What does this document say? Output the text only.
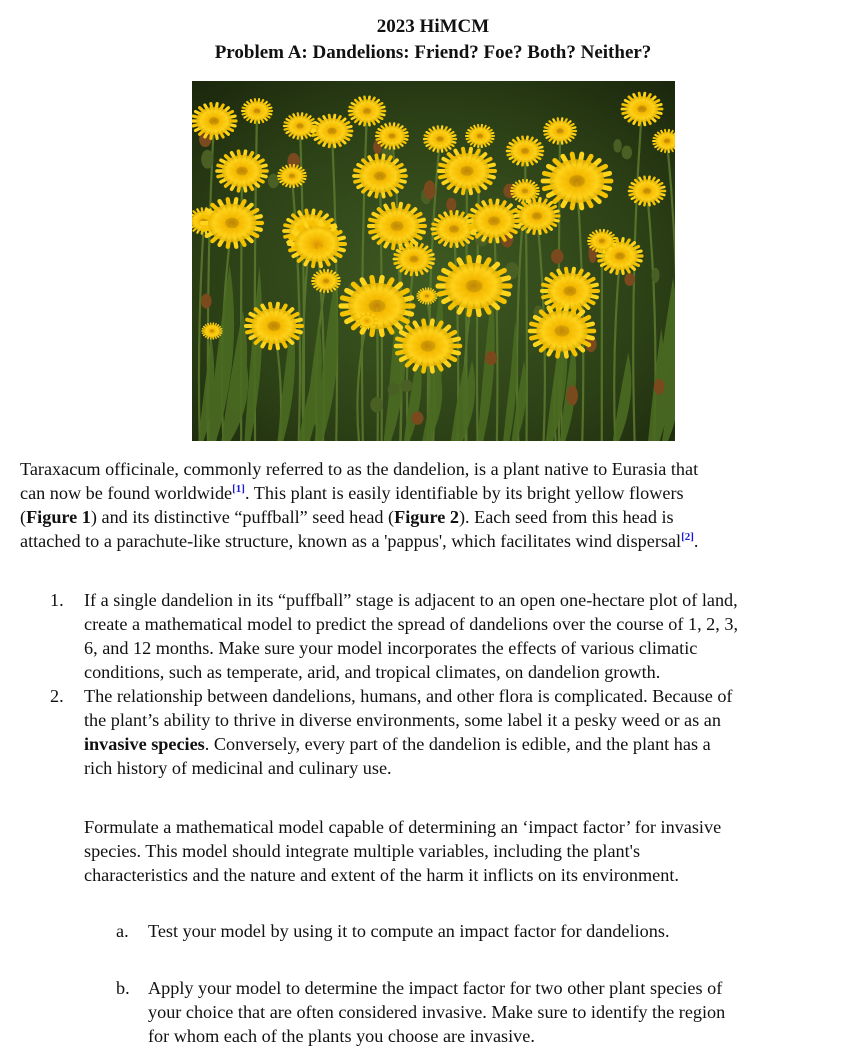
2023 HiMCM
Problem A: Dandelions: Friend? Foe? Both? Neither?
Taraxacum officinale, commonly referred to as the dandelion, is a plant native to Eurasia that
can now be found worldwide[1]. This plant is easily identifiable by its bright yellow flowers
(Figure 1) and its distinctive “puffball” seed head (Figure 2). Each seed from this head is
attached to a parachute-like structure, known as a 'pappus', which facilitates wind dispersal[2].
1.	If a single dandelion in its “puffball” stage is adjacent to an open one-hectare plot of land,
create a mathematical model to predict the spread of dandelions over the course of 1, 2, 3,
6, and 12 months. Make sure your model incorporates the effects of various climatic
conditions, such as temperate, arid, and tropical climates, on dandelion growth.
2.	The relationship between dandelions, humans, and other flora is complicated. Because of
the plant’s ability to thrive in diverse environments, some label it a pesky weed or as an
invasive species. Conversely, every part of the dandelion is edible, and the plant has a
rich history of medicinal and culinary use.
Formulate a mathematical model capable of determining an ‘impact factor’ for invasive
species. This model should integrate multiple variables, including the plant's
characteristics and the nature and extent of the harm it inflicts on its environment.
a. Test your model by using it to compute an impact factor for dandelions.
b. Apply your model to determine the impact factor for two other plant species of
your choice that are often considered invasive. Make sure to identify the region
for whom each of the plants you choose are invasive.
